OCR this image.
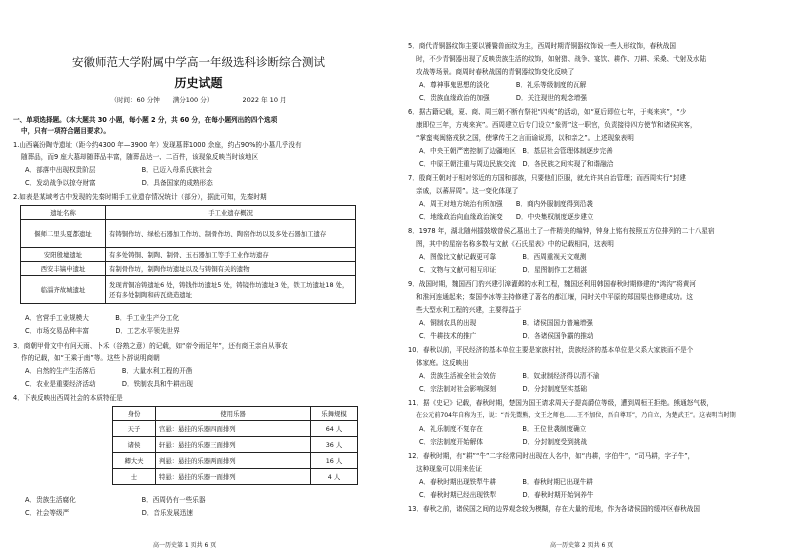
安徽师范大学附属中学高一年级选科诊断综合测试
历史试题
（时间：60 分钟　　满分100 分）　　　　　2022 年 10 月
一、单项选择题。（本大题共 30 小题，每小题 2 分，共 60 分，在每小题列出的四个选项
中，只有一项符合题目要求）。
1.山西襄汾陶寺遗址（距今约4300 年—3900 年）发现墓葬1000 余座，约占90%的小墓几乎没有
随葬品，而9 座大墓却随葬品丰富，随葬品达一、二百件，该现象反映当时该地区
A．部落中出现权贵阶层　　　　　　　B．已迈入母系氏族社会
C．发动战争以掠夺财富　　　　　　　D．具备国家的成熟形态
2.如表是某域考古中发现的先秦时期手工业遗存情况统计（部分），据此可知，先秦时期
遗址名称	手工业遗存概况
偃师二里头夏都遗址	有铸铜作坊、绿松石器加工作坊、制骨作坊、陶窑作坊以及多处石器加工遗存
安阳殷墟遗址	有多处铸铜、制陶、制骨、玉石器加工等手工业作坊遗存
西安丰镐申遗址	有制骨作坊，制陶作坊遗址以及与铸铜有关的遗物
临淄齐故城遗址	发现青铜冶铸遗址6 处，铸钱作坊遗址5 处，铸镜作坊遗址3 处，铁工坊遗址18 处，还有多处制陶和砖瓦烧造遗址
A．官营手工业规模大　　　　B．手工业生产分工化
C．市场交易品种丰富　　　　D．工艺水平领先世界
3．商朝甲骨文中有问天雨、卜禾（谷熟之意）的记载，如“帝令雨足年”，还有商王亲自从事农
作的记载，如“王乘于南”等。这些卜辞说明商朝
A．自然的生产生活落后　　　　B．大量水利工程的开凿
C．农业是重要经济活动　　　　D．铁制农具和牛耕出现
4．下表反映出西周社会的本质特征是
身份	使用乐器	乐舞规模
天子	宫悬：悬挂的乐器四面排列	64 人
诸侯	轩悬：悬挂的乐器三面排列	36 人
卿大夫	判悬：悬挂的乐器两面排列	16 人
士	特悬：悬挂的乐器一面排列	4 人
A．贵族生活腐化　　　　　　　　　　B．西周仍有一些乐器
C．社会等级严　　　　　　　　　　　D．音乐发展迅速
高一历史第 1 页共 6 页
5．商代青铜器纹饰主要以饕餮兽面纹为主，西周时期青铜器纹饰说一些人形纹饰，春秋战国
时，不少青铜器出现了反映贵族生活的纹饰，如射猎、战争、宴饮、耕作、刀耕、采桑、弋射及水陆
攻战等场景。商周时春秋战国的青铜器纹饰变化反映了
A．尊神事鬼思想的淡化　　　　B．礼乐等级制度的瓦解
C．贵族血缘政治的加强　　　　D．关注现世的观念增强
6．据古籍记载，夏、商、周三朝不断有祭祀“四夷”的活动，如“夏后即位七年，于夷来宾”，“少
康即位三年，方夷来宾”。西周建立后专门设立“象胥”这一职官，负责接待四方使节和诸侯宾客，
“掌蛮夷闽貉戎狄之国，使掌传王之言而谕说焉，以和亲之”。上述现象表明
A．中央王朝严密控制了边疆地区　B．基层社会管理体制逐步完善
C．中原王朝注重与周边民族交流　D．各民族之间实现了和谐融洽
7．殷商王朝对于相对邻近的方国和部族，只要他们臣服，就允许其自治管理；而西周实行“封建
亲戚，以蕃屏周”。这一变化体现了
A．周王对地方统治有所加强　　B．商内外服制度得到沿袭
C．地缘政治向血缘政治演变　　D．中央集权制度逐步建立
8．1978 年，湖北随州擂鼓墩曾侯乙墓出土了一件精美的编钟，钟身上铭有按照五方位排列的二十八星宿
图，其中的星宿名称多数与文献《石氏星表》中的记载相同，这表明
A．图像比文献记载更可靠　　　　B．西周重视天文观测
C．文物与文献可相互印证　　　　D．星图制作工艺精湛
9．战国时期，魏国西门豹兴建引漳灌邺的水利工程，魏国还利用韩国春秋时期修建的“鸿沟”将黄河
和淮河连通起来；秦国李冰等主持修建了著名的都江堰，同时关中平原的郑国渠也修建成功。这
些大型水利工程的兴建，主要得益于
A．铜制农具的出现　　　　　　　B．诸侯国国力普遍增强
C．牛耕技术的推广　　　　　　　D．各诸侯国争霸的推动
10．春秋以前，平民经济的基本单位主要是家族村社，贵族经济的基本单位是父系大家族而不是个
体家庭。这反映出
A．贵族生活被全社会效仿　　　　B．奴隶制经济得以清不渝
C．宗法制对社会影响深刻　　　　D．分封制度坚实基础
11．据《史记》记载，春秋时期，楚国为国王请求周天子提高爵位等级，遭到周桓王拒绝。熊通怒气极，
在公元前704年自称为王，说：“吾先鬻熊，文王之师也……王不加位，吾自尊耳”，乃自立，为楚武王”。这表明当时期
A．礼乐制度不复存在　　　　　　B．王位世袭制度确立
C．宗法制度开始解体　　　　　　D．分封制度受到挑战
12．春秋时期，有“耕”“牛”二字经常同时出现在人名中，如“冉耕，字伯牛”，“司马耕，字子牛”，
这种现象可以用来佐证
A．春秋时期出现铁犁牛耕　　　　B．春秋时期已出现牛耕
C．春秋时期已经出现铁犁　　　　D．春秋时期开始饲养牛
13．春秋之前，诸侯国之间的边界观念较为模糊，存在大量的荒地，作为各诸侯国的缓冲区春秋战国
高一历史第 2 页共 6 页
